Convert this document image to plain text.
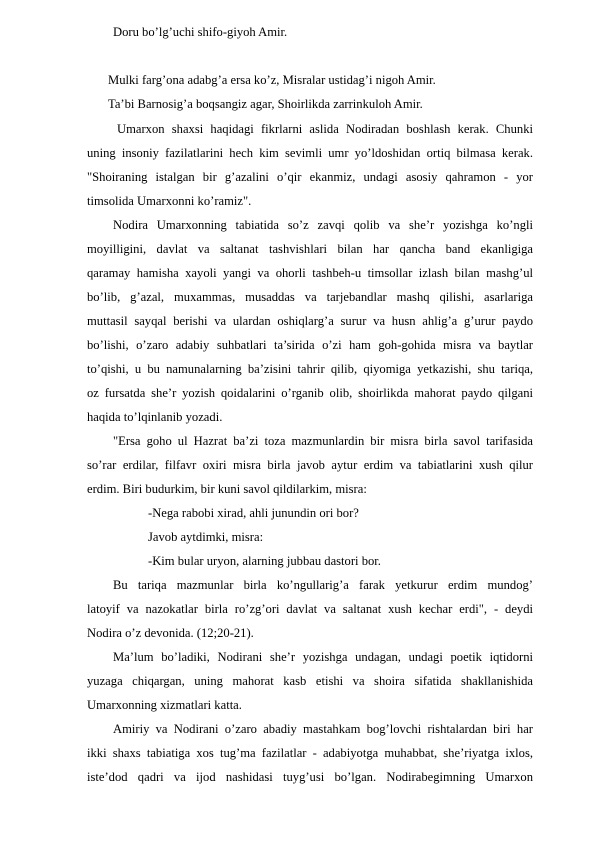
Doru bo’lg’uchi shifo-giyoh Amir.
Mulki farg’ona adabg’a ersa ko’z, Misralar ustidag’i nigoh Amir.
Ta’bi Barnosig’a boqsangiz agar, Shoirlikda zarrinkuloh Amir.
Umarxon shaxsi haqidagi fikrlarni aslida Nodiradan boshlash kerak. Chunki
uning insoniy fazilatlarini hech kim sevimli umr yo’ldoshidan ortiq bilmasa kerak.
"Shoiraning istalgan bir g’azalini o’qir ekanmiz, undagi asosiy qahramon - yor
timsolida Umarxonni ko’ramiz".
Nodira Umarxonning tabiatida so’z zavqi qolib va she’r yozishga ko’ngli
moyilligini, davlat va saltanat tashvishlari bilan har qancha band ekanligiga
qaramay hamisha xayoli yangi va ohorli tashbeh-u timsollar izlash bilan mashg’ul
bo’lib, g’azal, muxammas, musaddas va tarjebandlar mashq qilishi, asarlariga
muttasil sayqal berishi va ulardan oshiqlarg’a surur va husn ahlig’a g’urur paydo
bo’lishi, o’zaro adabiy suhbatlari ta’sirida o’zi ham goh-gohida misra va baytlar
to’qishi, u bu namunalarning ba’zisini tahrir qilib, qiyomiga yetkazishi, shu tariqa,
oz fursatda she’r yozish qoidalarini o’rganib olib, shoirlikda mahorat paydo qilgani
haqida to’lqinlanib yozadi.
"Ersa goho ul Hazrat ba’zi toza mazmunlardin bir misra birla savol tarifasida
so’rar erdilar, filfavr oxiri misra birla javob aytur erdim va tabiatlarini xush qilur
erdim. Biri budurkim, bir kuni savol qildilarkim, misra:
-Nega rabobi xirad, ahli junundin ori bor?
Javob aytdimki, misra:
-Kim bular uryon, alarning jubbau dastori bor.
Bu tariqa mazmunlar birla ko’ngullarig’a farak yetkurur erdim mundog’
latoyif va nazokatlar birla ro’zg’ori davlat va saltanat xush kechar erdi", - deydi
Nodira o’z devonida. (12;20-21).
Ma’lum bo’ladiki, Nodirani she’r yozishga undagan, undagi poetik iqtidorni
yuzaga chiqargan, uning mahorat kasb etishi va shoira sifatida shakllanishida
Umarxonning xizmatlari katta.
Amiriy va Nodirani o’zaro abadiy mastahkam bog’lovchi rishtalardan biri har
ikki shaxs tabiatiga xos tug’ma fazilatlar - adabiyotga muhabbat, she’riyatga ixlos,
iste’dod qadri va ijod nashidasi tuyg’usi bo’lgan. Nodirabegimning Umarxon
